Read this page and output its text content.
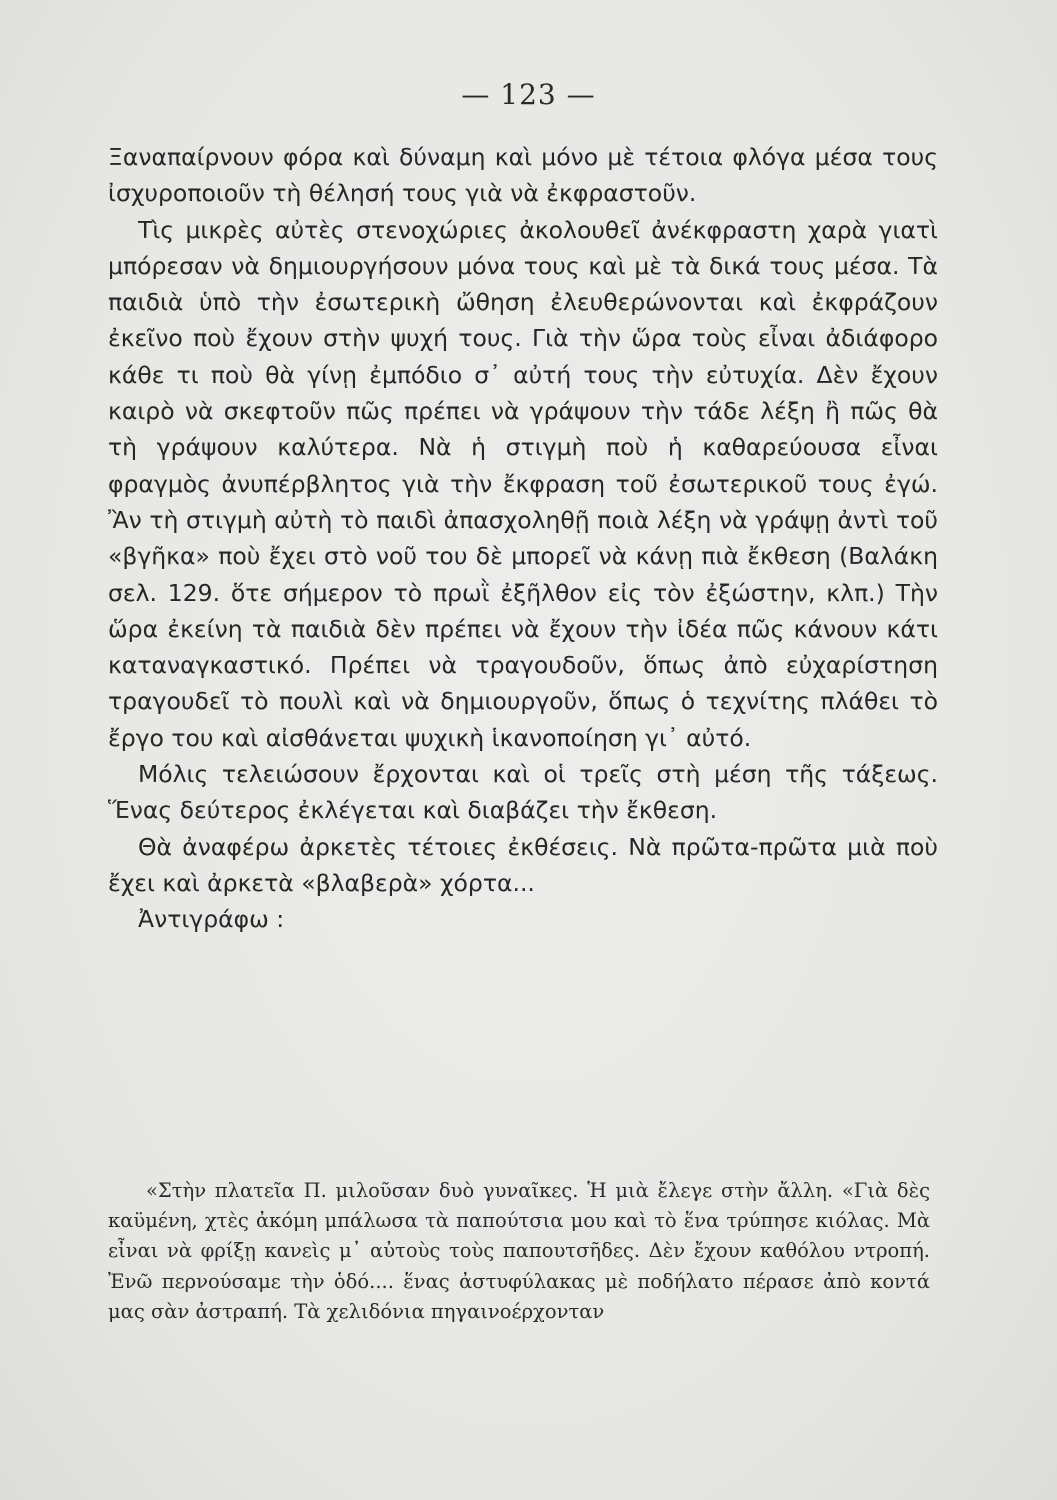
— 123 —

Ξαναπαίρνουν φόρα καὶ δύναμη καὶ μόνο μὲ τέτοια φλόγα μέσα τους ἰσχυροποιοῦν τὴ θέλησή τους γιὰ νὰ ἐκφραστοῦν.

Τὶς μικρὲς αὐτὲς στενοχώριες ἀκολουθεῖ ἀνέκφραστη χαρὰ γιατὶ μπόρεσαν νὰ δημιουργήσουν μόνα τους καὶ μὲ τὰ δικά τους μέσα. Τὰ παιδιὰ ὑπὸ τὴν ἐσωτερικὴ ὤθηση ἐλευθερώνονται καὶ ἐκφράζουν ἐκεῖνο ποὺ ἔχουν στὴν ψυχή τους. Γιὰ τὴν ὥρα τοὺς εἶναι ἀδιάφορο κάθε τι ποὺ θὰ γίνῃ ἐμπόδιο σ᾽ αὐτή τους τὴν εὐτυχία. Δὲν ἔχουν καιρὸ νὰ σκεφτοῦν πῶς πρέπει νὰ γράψουν τὴν τάδε λέξη ἢ πῶς θὰ τὴ γράψουν καλύτερα. Νὰ ἡ στιγμὴ ποὺ ἡ καθαρεύουσα εἶναι φραγμὸς ἀνυπέρβλητος γιὰ τὴν ἔκφραση τοῦ ἐσωτερικοῦ τους ἐγώ. Ἂν τὴ στιγμὴ αὐτὴ τὸ παιδὶ ἀπασχοληθῇ ποιὰ λέξη νὰ γράψῃ ἀντὶ τοῦ «βγῆκα» ποὺ ἔχει στὸ νοῦ του δὲ μπορεῖ νὰ κάνῃ πιὰ ἔκθεση (Βαλάκη σελ. 129. ὅτε σήμερον τὸ πρωῒ ἐξῆλθον εἰς τὸν ἐξώστην, κλπ.) Τὴν ὥρα ἐκείνη τὰ παιδιὰ δὲν πρέπει νὰ ἔχουν τὴν ἰδέα πῶς κάνουν κάτι καταναγκαστικό. Πρέπει νὰ τραγουδοῦν, ὅπως ἀπὸ εὐχαρίστηση τραγουδεῖ τὸ πουλὶ καὶ νὰ δημιουργοῦν, ὅπως ὁ τεχνίτης πλάθει τὸ ἔργο του καὶ αἰσθάνεται ψυχικὴ ἱκανοποίηση γι᾽ αὐτό.

Μόλις τελειώσουν ἔρχονται καὶ οἱ τρεῖς στὴ μέση τῆς τάξεως. Ἕνας δεύτερος ἐκλέγεται καὶ διαβάζει τὴν ἔκθεση.

Θὰ ἀναφέρω ἀρκετὲς τέτοιες ἐκθέσεις. Νὰ πρῶτα-πρῶτα μιὰ ποὺ ἔχει καὶ ἀρκετὰ «βλαβερὰ» χόρτα...

Ἀντιγράφω :

«Στὴν πλατεῖα Π. μιλοῦσαν δυὸ γυναῖκες. Ἡ μιὰ ἔλεγε στὴν ἄλλη. «Γιὰ δὲς καϋμένη, χτὲς ἀκόμη μπάλωσα τὰ παπούτσια μου καὶ τὸ ἕνα τρύπησε κιόλας. Μὰ εἶναι νὰ φρίξῃ κανεὶς μ᾽ αὐτοὺς τοὺς παπουτσῆδες. Δὲν ἔχουν καθόλου ντροπή. Ἐνῶ περνούσαμε τὴν ὁδό.... ἕνας ἀστυφύλακας μὲ ποδήλατο πέρασε ἀπὸ κοντά μας σὰν ἀστραπή. Τὰ χελιδόνια πηγαινοέρχονταν
